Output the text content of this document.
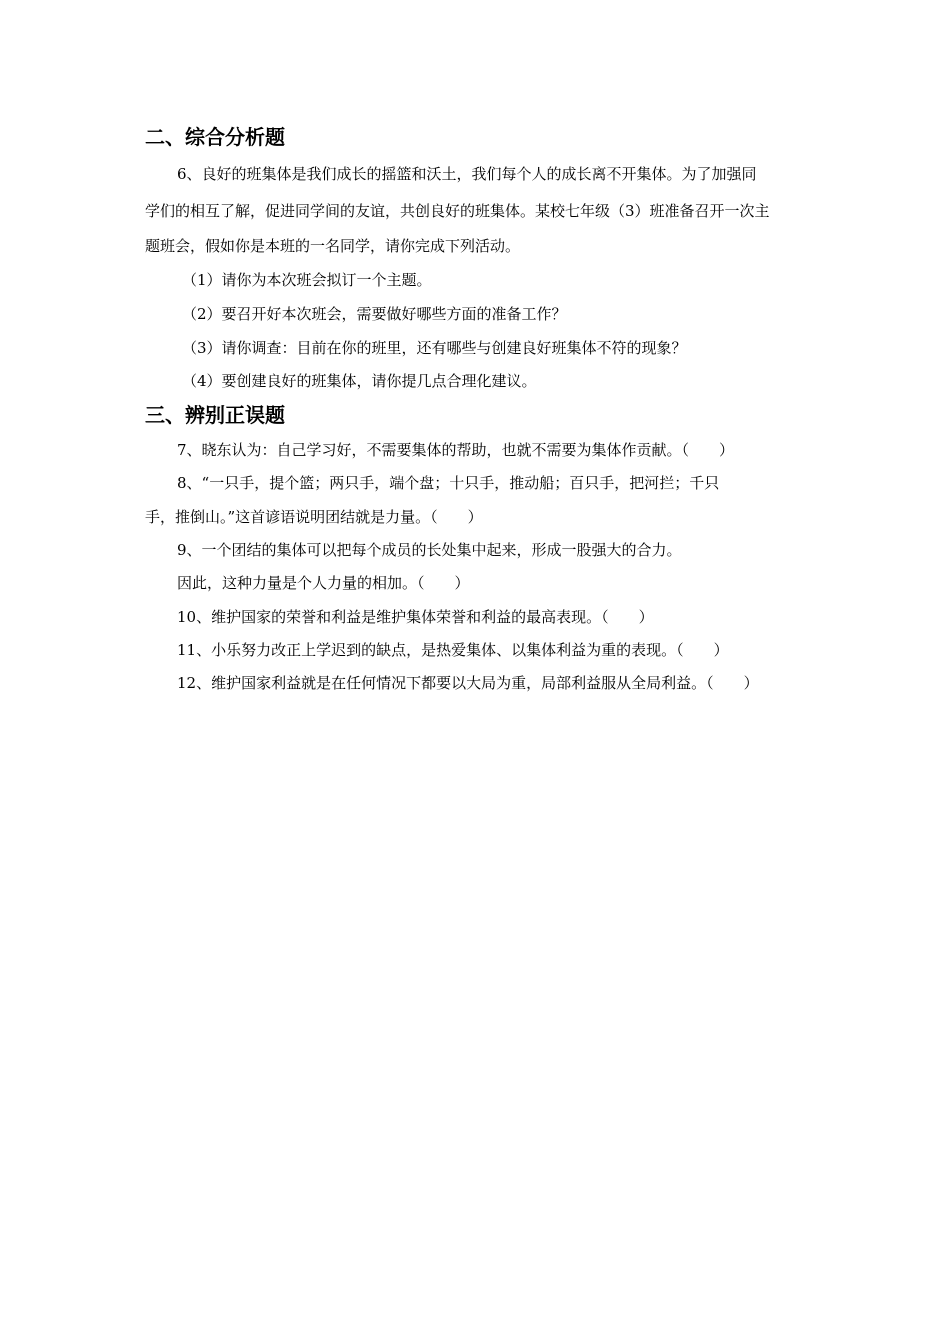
二、综合分析题

6、良好的班集体是我们成长的摇篮和沃土，我们每个人的成长离不开集体。为了加强同

学们的相互了解，促进同学间的友谊，共创良好的班集体。某校七年级（3）班准备召开一次主

题班会，假如你是本班的一名同学，请你完成下列活动。

（1）请你为本次班会拟订一个主题。

（2）要召开好本次班会，需要做好哪些方面的准备工作？

（3）请你调查：目前在你的班里，还有哪些与创建良好班集体不符的现象？

（4）要创建良好的班集体，请你提几点合理化建议。

三、辨别正误题

7、晓东认为：自己学习好，不需要集体的帮助，也就不需要为集体作贡献。（　　）

8、“一只手，提个篮；两只手，端个盘；十只手，推动船；百只手，把河拦；千只

手，推倒山。”这首谚语说明团结就是力量。（　　）

9、一个团结的集体可以把每个成员的长处集中起来，形成一股强大的合力。

因此，这种力量是个人力量的相加。（　　）

10、维护国家的荣誉和利益是维护集体荣誉和利益的最高表现。（　　）

11、小乐努力改正上学迟到的缺点，是热爱集体、以集体利益为重的表现。（　　）

12、维护国家利益就是在任何情况下都要以大局为重，局部利益服从全局利益。（　　）
